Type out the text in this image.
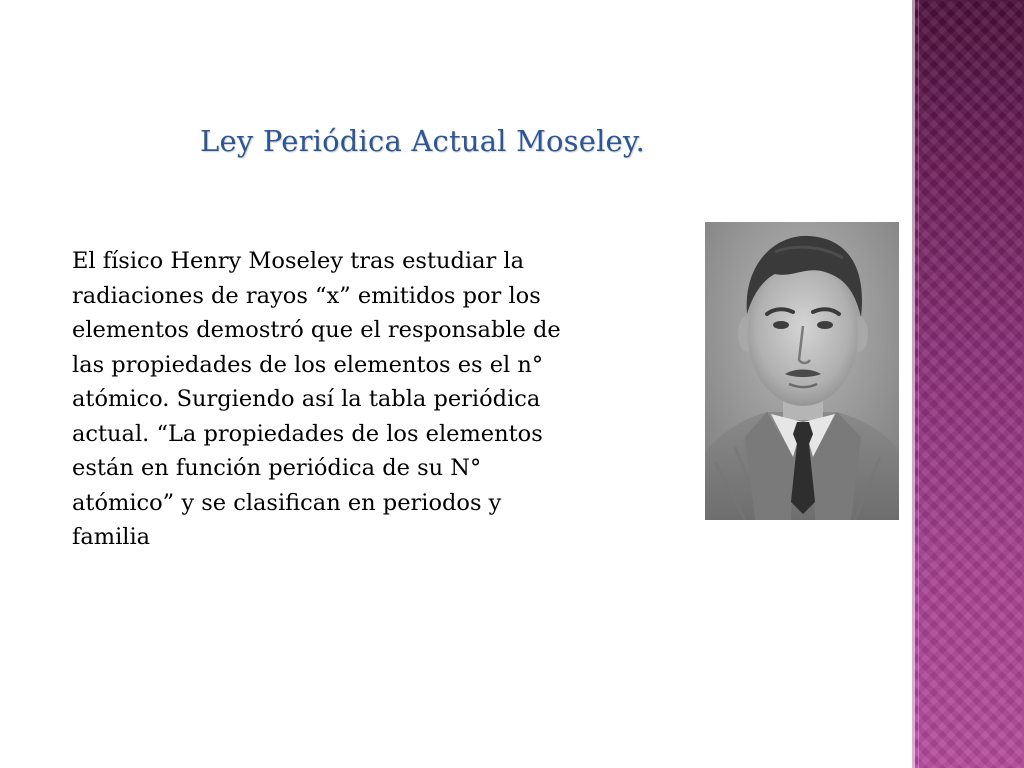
Ley Periódica Actual Moseley.
El físico Henry Moseley tras estudiar la
radiaciones de rayos “x” emitidos por los
elementos demostró que el responsable de
las propiedades de los elementos es el n°
atómico. Surgiendo así la tabla periódica
actual. “La propiedades de los elementos
están en función periódica de su N°
atómico” y se clasifican en periodos y
familia
